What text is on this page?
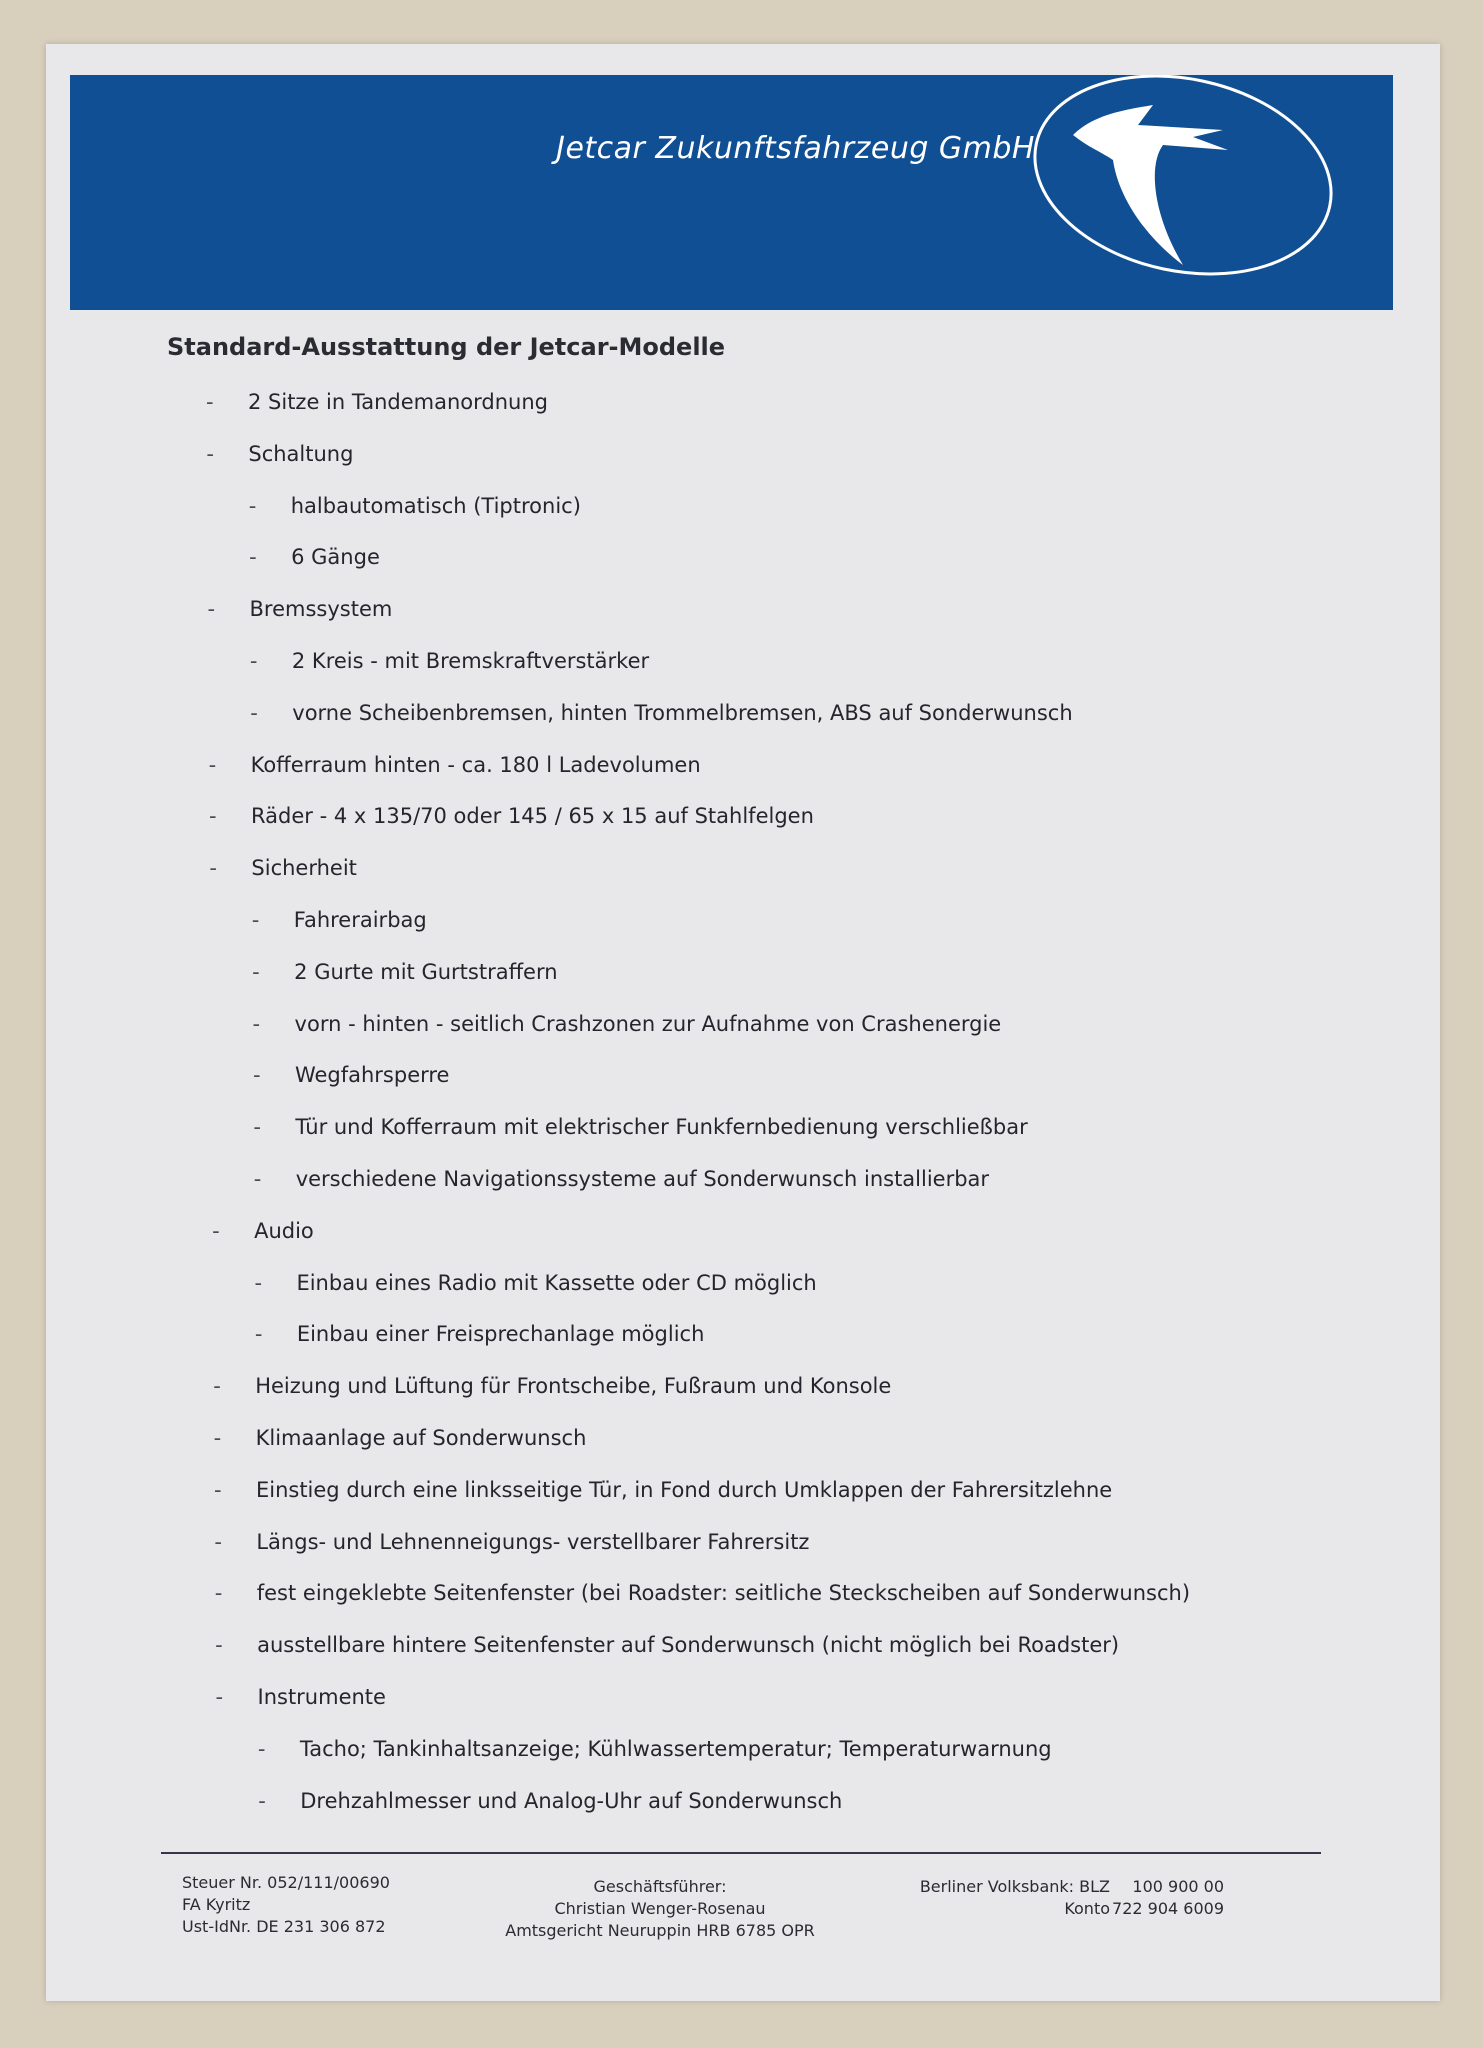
Jetcar Zukunftsfahrzeug GmbH
Standard-Ausstattung der Jetcar-Modelle
-	2 Sitze in Tandemanordnung
-	Schaltung
-	halbautomatisch (Tiptronic)
-	6 Gänge
-	Bremssystem
-	2 Kreis - mit Bremskraftverstärker
-	vorne Scheibenbremsen, hinten Trommelbremsen, ABS auf Sonderwunsch
-	Kofferraum hinten - ca. 180 l Ladevolumen
-	Räder - 4 x 135/70 oder 145 / 65 x 15 auf Stahlfelgen
-	Sicherheit
-	Fahrerairbag
-	2 Gurte mit Gurtstraffern
-	vorn - hinten - seitlich Crashzonen zur Aufnahme von Crashenergie
-	Wegfahrsperre
-	Tür und Kofferraum mit elektrischer Funkfernbedienung verschließbar
-	verschiedene Navigationssysteme auf Sonderwunsch installierbar
-	Audio
-	Einbau eines Radio mit Kassette oder CD möglich
-	Einbau einer Freisprechanlage möglich
-	Heizung und Lüftung für Frontscheibe, Fußraum und Konsole
-	Klimaanlage auf Sonderwunsch
-	Einstieg durch eine linksseitige Tür, in Fond durch Umklappen der Fahrersitzlehne
-	Längs- und Lehnenneigungs- verstellbarer Fahrersitz
-	fest eingeklebte Seitenfenster (bei Roadster: seitliche Steckscheiben auf Sonderwunsch)
-	ausstellbare hintere Seitenfenster auf Sonderwunsch (nicht möglich bei Roadster)
-	Instrumente
-	Tacho; Tankinhaltsanzeige; Kühlwassertemperatur; Temperaturwarnung
-	Drehzahlmesser und Analog-Uhr auf Sonderwunsch
Steuer Nr. 052/111/00690
FA Kyritz
Ust-IdNr. DE 231 306 872
Geschäftsführer:
Christian Wenger-Rosenau
Amtsgericht Neuruppin HRB 6785 OPR
Berliner Volksbank: BLZ	100 900 00
Konto 722 904 6009
